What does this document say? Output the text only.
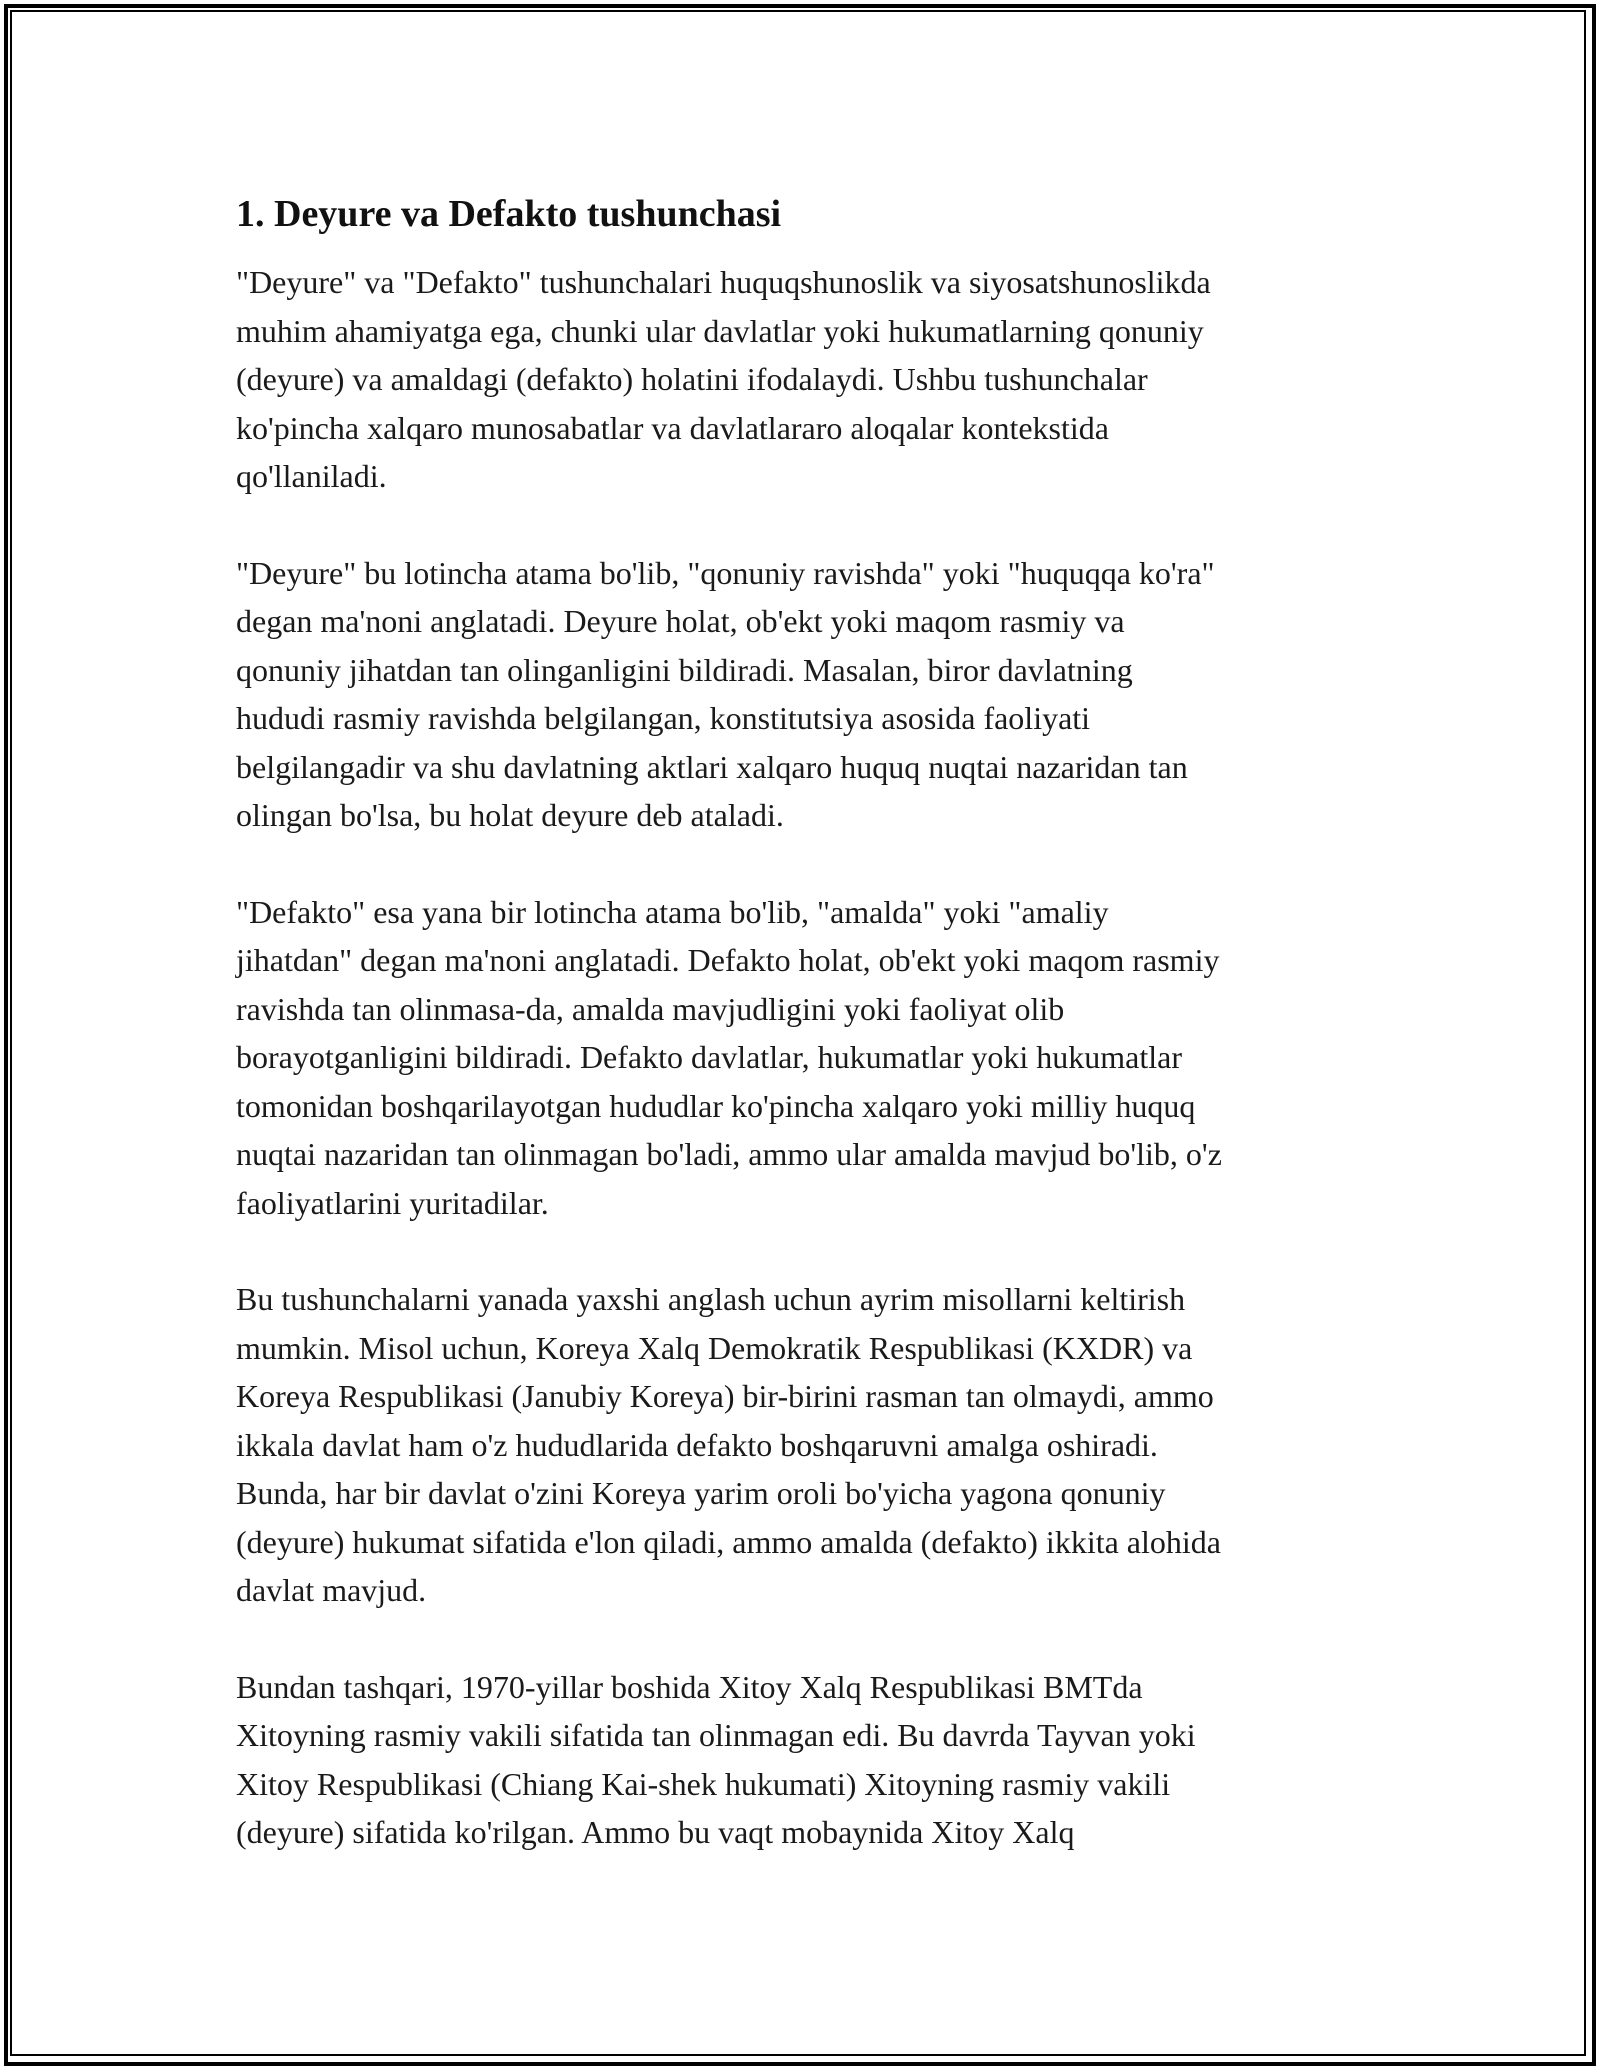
1. Deyure va Defakto tushunchasi

"Deyure" va "Defakto" tushunchalari huquqshunoslik va siyosatshunoslikda
muhim ahamiyatga ega, chunki ular davlatlar yoki hukumatlarning qonuniy
(deyure) va amaldagi (defakto) holatini ifodalaydi. Ushbu tushunchalar
ko'pincha xalqaro munosabatlar va davlatlararo aloqalar kontekstida
qo'llaniladi.

"Deyure" bu lotincha atama bo'lib, "qonuniy ravishda" yoki "huquqqa ko'ra"
degan ma'noni anglatadi. Deyure holat, ob'ekt yoki maqom rasmiy va
qonuniy jihatdan tan olinganligini bildiradi. Masalan, biror davlatning
hududi rasmiy ravishda belgilangan, konstitutsiya asosida faoliyati
belgilangadir va shu davlatning aktlari xalqaro huquq nuqtai nazaridan tan
olingan bo'lsa, bu holat deyure deb ataladi.

"Defakto" esa yana bir lotincha atama bo'lib, "amalda" yoki "amaliy
jihatdan" degan ma'noni anglatadi. Defakto holat, ob'ekt yoki maqom rasmiy
ravishda tan olinmasa-da, amalda mavjudligini yoki faoliyat olib
borayotganligini bildiradi. Defakto davlatlar, hukumatlar yoki hukumatlar
tomonidan boshqarilayotgan hududlar ko'pincha xalqaro yoki milliy huquq
nuqtai nazaridan tan olinmagan bo'ladi, ammo ular amalda mavjud bo'lib, o'z
faoliyatlarini yuritadilar.

Bu tushunchalarni yanada yaxshi anglash uchun ayrim misollarni keltirish
mumkin. Misol uchun, Koreya Xalq Demokratik Respublikasi (KXDR) va
Koreya Respublikasi (Janubiy Koreya) bir-birini rasman tan olmaydi, ammo
ikkala davlat ham o'z hududlarida defakto boshqaruvni amalga oshiradi.
Bunda, har bir davlat o'zini Koreya yarim oroli bo'yicha yagona qonuniy
(deyure) hukumat sifatida e'lon qiladi, ammo amalda (defakto) ikkita alohida
davlat mavjud.

Bundan tashqari, 1970-yillar boshida Xitoy Xalq Respublikasi BMTda
Xitoyning rasmiy vakili sifatida tan olinmagan edi. Bu davrda Tayvan yoki
Xitoy Respublikasi (Chiang Kai-shek hukumati) Xitoyning rasmiy vakili
(deyure) sifatida ko'rilgan. Ammo bu vaqt mobaynida Xitoy Xalq
